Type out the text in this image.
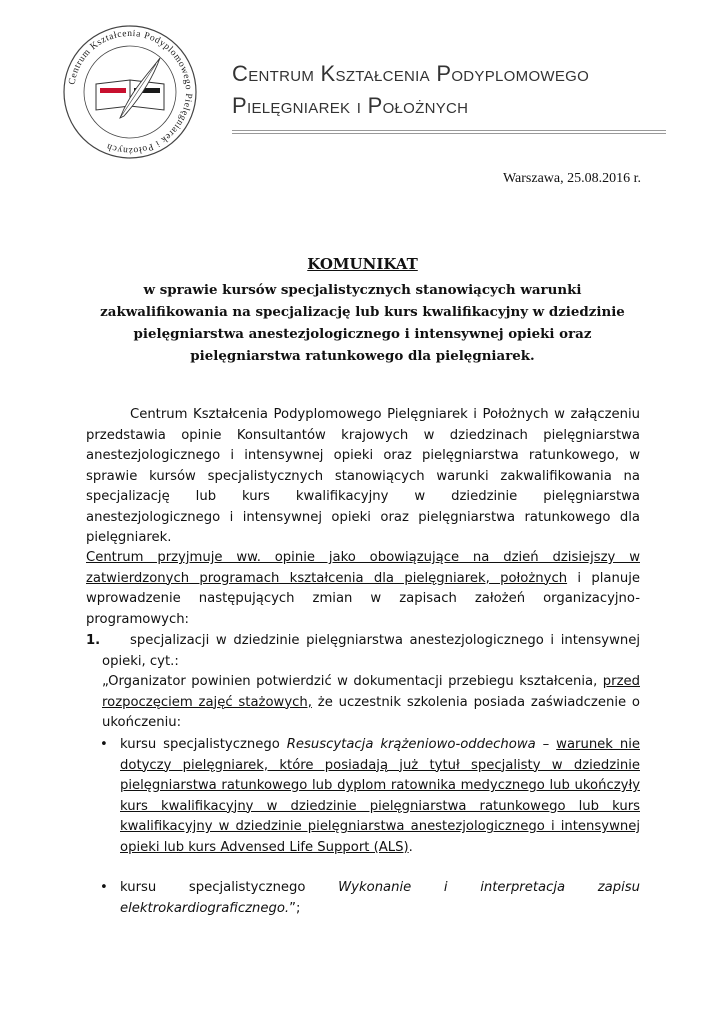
Centrum Kształcenia Podyplomowego Pielęgniarek i Położnych
Centrum Kształcenia Podyplomowego
Pielęgniarek i Położnych
Warszawa, 25.08.2016 r.
KOMUNIKAT
w sprawie kursów specjalistycznych stanowiących warunki zakwalifikowania na specjalizację lub kurs kwalifikacyjny w dziedzinie pielęgniarstwa anestezjologicznego i intensywnej opieki oraz pielęgniarstwa ratunkowego dla pielęgniarek.
Centrum Kształcenia Podyplomowego Pielęgniarek i Położnych w załączeniu przedstawia opinie Konsultantów krajowych w dziedzinach pielęgniarstwa anestezjologicznego i intensywnej opieki oraz pielęgniarstwa ratunkowego, w sprawie kursów specjalistycznych stanowiących warunki zakwalifikowania na specjalizację lub kurs kwalifikacyjny w dziedzinie pielęgniarstwa anestezjologicznego i intensywnej opieki oraz pielęgniarstwa ratunkowego dla pielęgniarek.
Centrum przyjmuje ww. opinie jako obowiązujące na dzień dzisiejszy w zatwierdzonych programach kształcenia dla pielęgniarek, położnych i planuje wprowadzenie następujących zmian w zapisach założeń organizacyjno-programowych:
1.	specjalizacji w dziedzinie pielęgniarstwa anestezjologicznego i intensywnej opieki, cyt.:
„Organizator powinien potwierdzić w dokumentacji przebiegu kształcenia, przed rozpoczęciem zajęć stażowych, że uczestnik szkolenia posiada zaświadczenie o ukończeniu:
• kursu specjalistycznego Resuscytacja krążeniowo-oddechowa – warunek nie dotyczy pielęgniarek, które posiadają już tytuł specjalisty w dziedzinie pielęgniarstwa ratunkowego lub dyplom ratownika medycznego lub ukończyły kurs kwalifikacyjny w dziedzinie pielęgniarstwa ratunkowego lub kurs kwalifikacyjny w dziedzinie pielęgniarstwa anestezjologicznego i intensywnej opieki lub kurs Advensed Life Support (ALS).
• kursu specjalistycznego Wykonanie i interpretacja zapisu elektrokardiograficznego.”;
